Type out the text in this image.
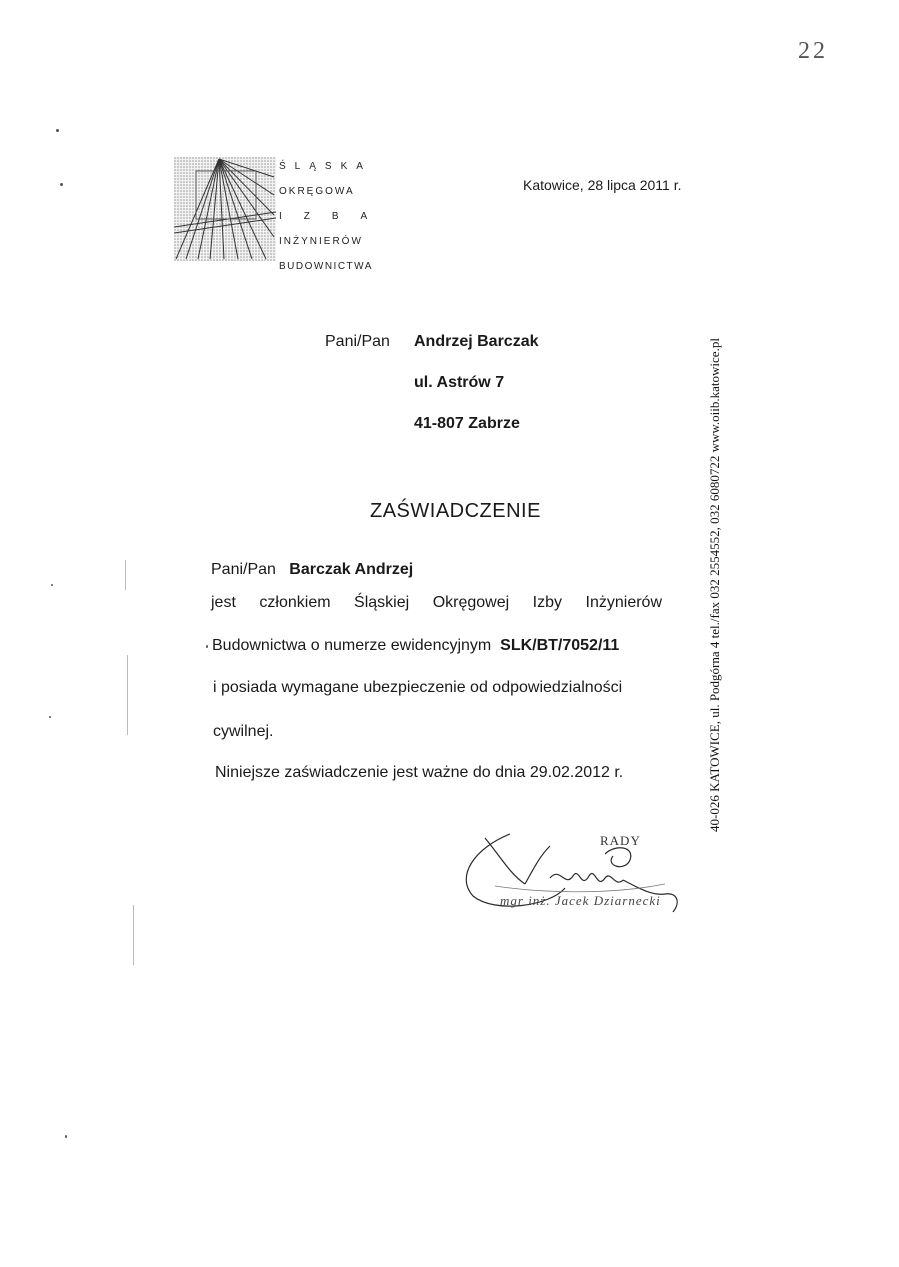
22
ŚLĄSKA
OKRĘGOWA
IZBA
INŻYNIERÓW
BUDOWNICTWA
Katowice, 28 lipca 2011 r.
Pani/Pan Andrzej Barczak
ul. Astrów 7
41-807 Zabrze
ZAŚWIADCZENIE
Pani/Pan Barczak Andrzej
jest członkiem Śląskiej Okręgowej Izby Inżynierów
Budownictwa o numerze ewidencyjnym SLK/BT/7052/11
i posiada wymagane ubezpieczenie od odpowiedzialności
cywilnej.
Niniejsze zaświadczenie jest ważne do dnia 29.02.2012 r.	40-026 KATOWICE, ul. Podgórna 4 tel./fax 032 2554552, 032 6080722 www.oiib.katowice.pl
RADY
mgr inż. Jacek Dziarnecki
